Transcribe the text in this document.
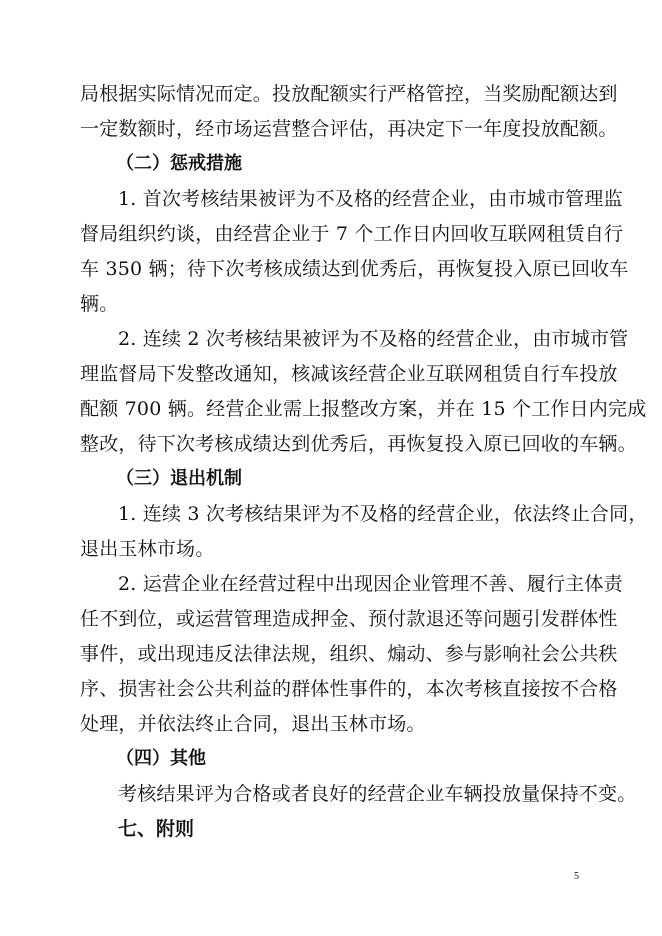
局根据实际情况而定。投放配额实行严格管控，当奖励配额达到
一定数额时，经市场运营整合评估，再决定下一年度投放配额。
（二）惩戒措施
1. 首次考核结果被评为不及格的经营企业，由市城市管理监
督局组织约谈，由经营企业于 7 个工作日内回收互联网租赁自行
车 350 辆；待下次考核成绩达到优秀后，再恢复投入原已回收车
辆。
2. 连续 2 次考核结果被评为不及格的经营企业，由市城市管
理监督局下发整改通知，核减该经营企业互联网租赁自行车投放
配额 700 辆。经营企业需上报整改方案，并在 15 个工作日内完成
整改，待下次考核成绩达到优秀后，再恢复投入原已回收的车辆。
（三）退出机制
1. 连续 3 次考核结果评为不及格的经营企业，依法终止合同，
退出玉林市场。
2. 运营企业在经营过程中出现因企业管理不善、履行主体责
任不到位，或运营管理造成押金、预付款退还等问题引发群体性
事件，或出现违反法律法规，组织、煽动、参与影响社会公共秩
序、损害社会公共利益的群体性事件的，本次考核直接按不合格
处理，并依法终止合同，退出玉林市场。
（四）其他
考核结果评为合格或者良好的经营企业车辆投放量保持不变。
七、附则
5
